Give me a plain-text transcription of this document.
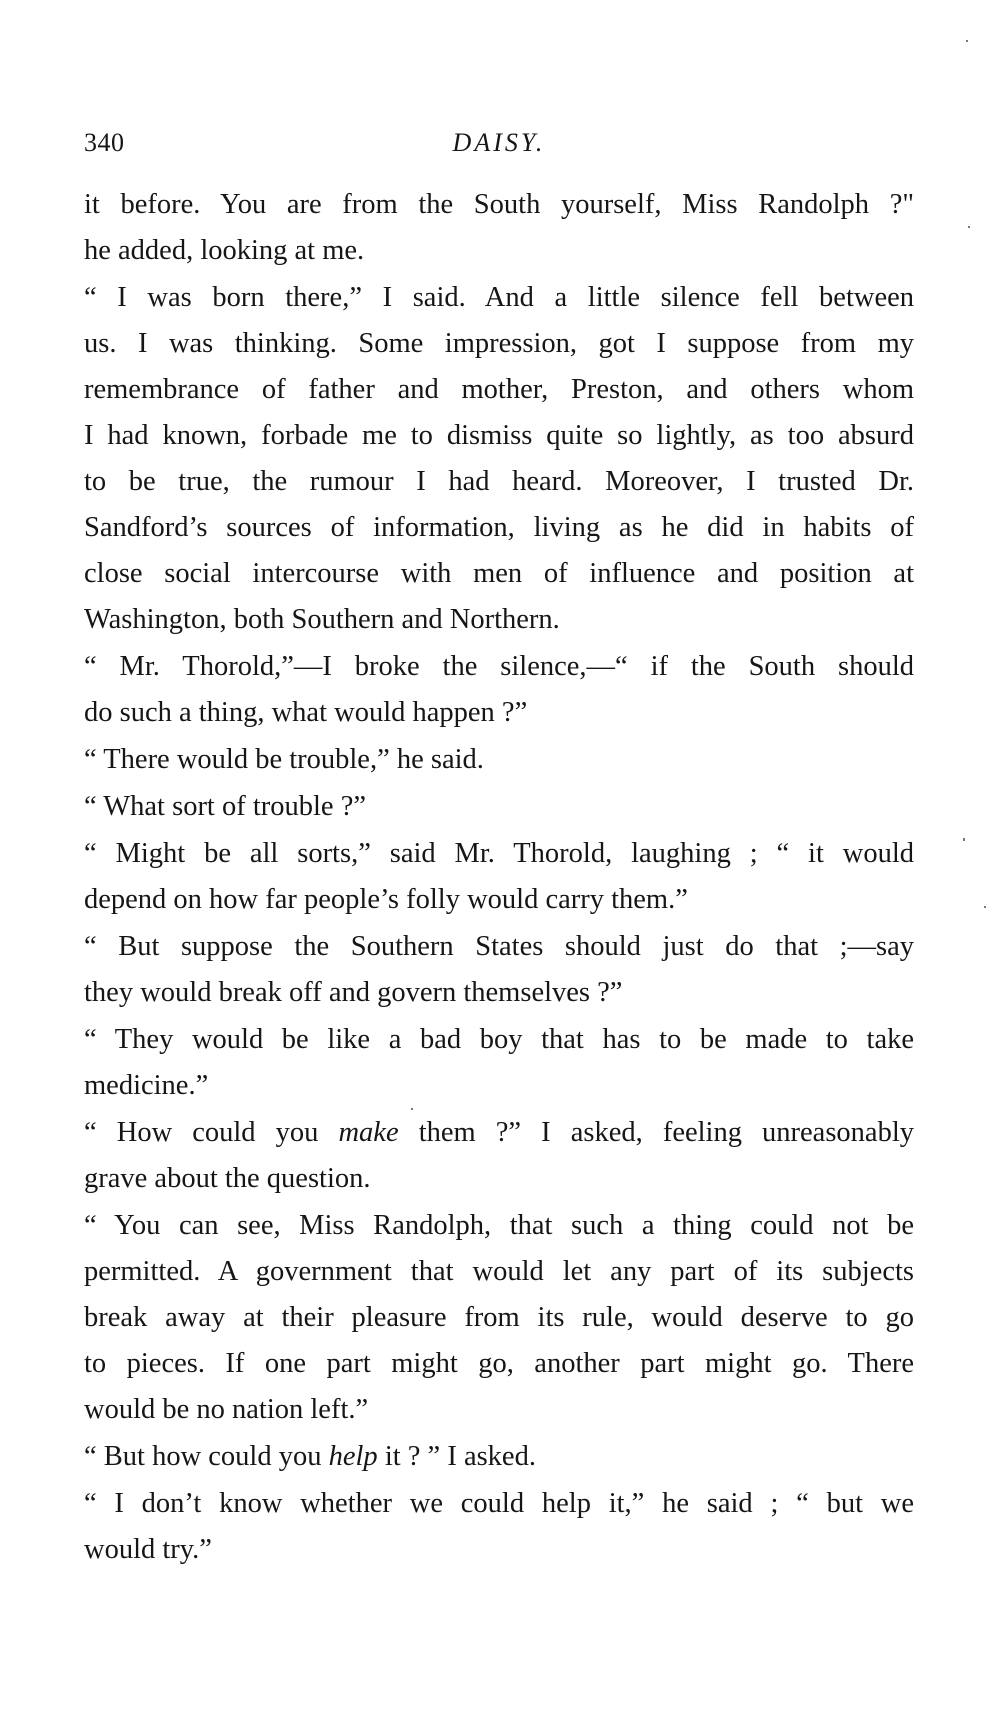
340	DAISY.
it before. You are from the South yourself, Miss Randolph ?"
he added, looking at me.
“ I was born there,” I said. And a little silence fell between
us. I was thinking. Some impression, got I suppose from my
remembrance of father and mother, Preston, and others whom
I had known, forbade me to dismiss quite so lightly, as too absurd
to be true, the rumour I had heard. Moreover, I trusted Dr.
Sandford’s sources of information, living as he did in habits of
close social intercourse with men of influence and position at
Washington, both Southern and Northern.
“ Mr. Thorold,”—I broke the silence,—“ if the South should
do such a thing, what would happen ?”
“ There would be trouble,” he said.
“ What sort of trouble ?”
“ Might be all sorts,” said Mr. Thorold, laughing ; “ it would
depend on how far people’s folly would carry them.”
“ But suppose the Southern States should just do that ;—say
they would break off and govern themselves ?”
“ They would be like a bad boy that has to be made to take
medicine.”
“ How could you make them ?” I asked, feeling unreasonably
grave about the question.
“ You can see, Miss Randolph, that such a thing could not be
permitted. A government that would let any part of its subjects
break away at their pleasure from its rule, would deserve to go
to pieces. If one part might go, another part might go. There
would be no nation left.”
“ But how could you help it ? ” I asked.
“ I don’t know whether we could help it,” he said ; “ but we
would try.”
